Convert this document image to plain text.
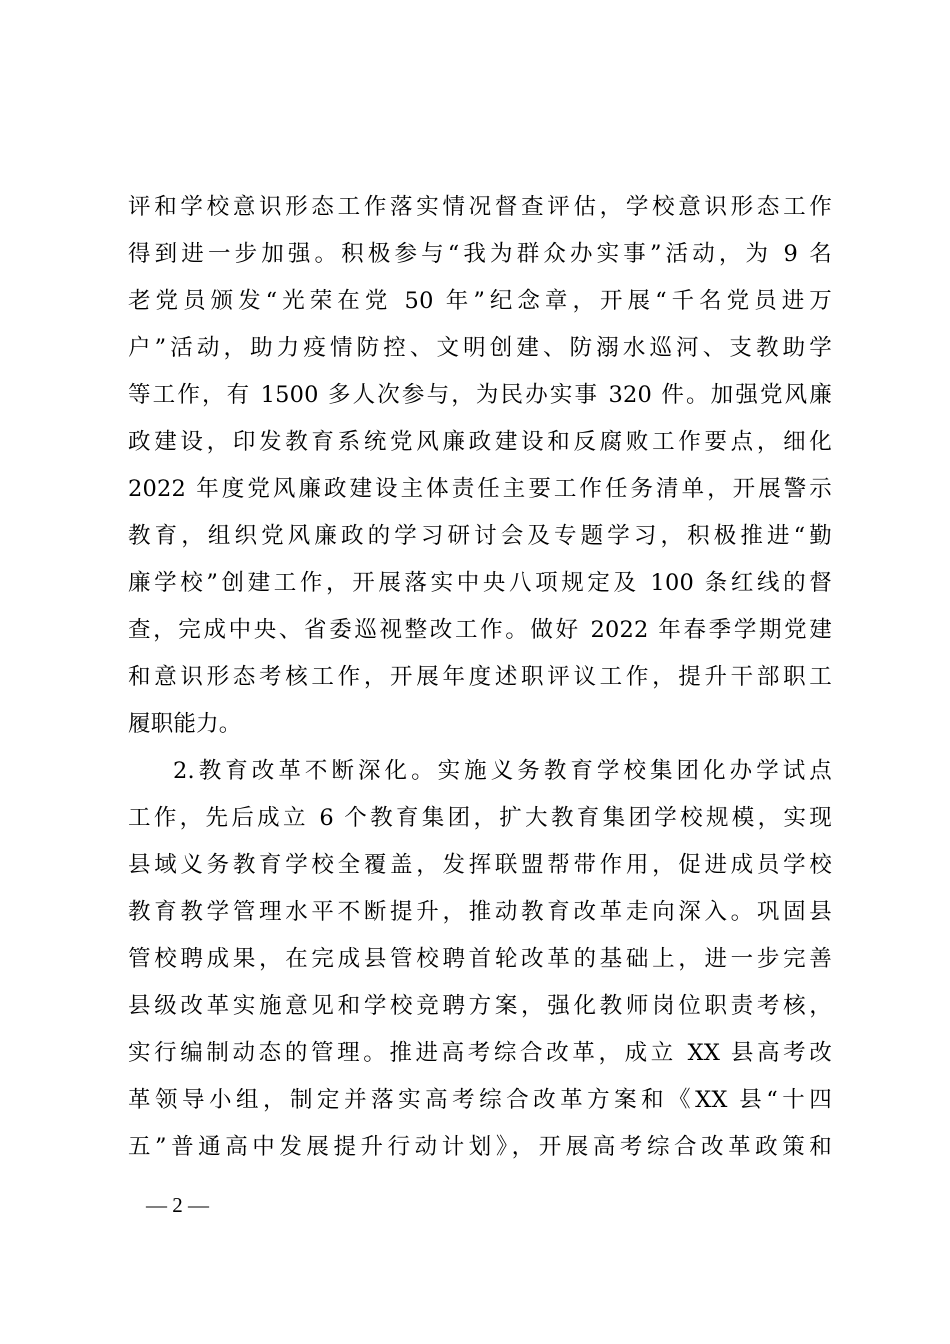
评和学校意识形态工作落实情况督查评估，学校意识形态工作
得到进一步加强。积极参与“我为群众办实事”活动，为 9 名
老党员颁发“光荣在党 50 年”纪念章，开展“千名党员进万
户”活动，助力疫情防控、文明创建、防溺水巡河、支教助学
等工作，有 1500 多人次参与，为民办实事 320 件。加强党风廉
政建设，印发教育系统党风廉政建设和反腐败工作要点，细化
2022 年度党风廉政建设主体责任主要工作任务清单，开展警示
教育，组织党风廉政的学习研讨会及专题学习，积极推进“勤
廉学校”创建工作，开展落实中央八项规定及 100 条红线的督
查，完成中央、省委巡视整改工作。做好 2022 年春季学期党建
和意识形态考核工作，开展年度述职评议工作，提升干部职工
履职能力。
2.教育改革不断深化。实施义务教育学校集团化办学试点
工作，先后成立 6 个教育集团，扩大教育集团学校规模，实现
县域义务教育学校全覆盖，发挥联盟帮带作用，促进成员学校
教育教学管理水平不断提升，推动教育改革走向深入。巩固县
管校聘成果，在完成县管校聘首轮改革的基础上，进一步完善
县级改革实施意见和学校竞聘方案，强化教师岗位职责考核，
实行编制动态的管理。推进高考综合改革，成立 XX 县高考改
革领导小组，制定并落实高考综合改革方案和《XX 县“十四
五”普通高中发展提升行动计划》，开展高考综合改革政策和
— 2 —
